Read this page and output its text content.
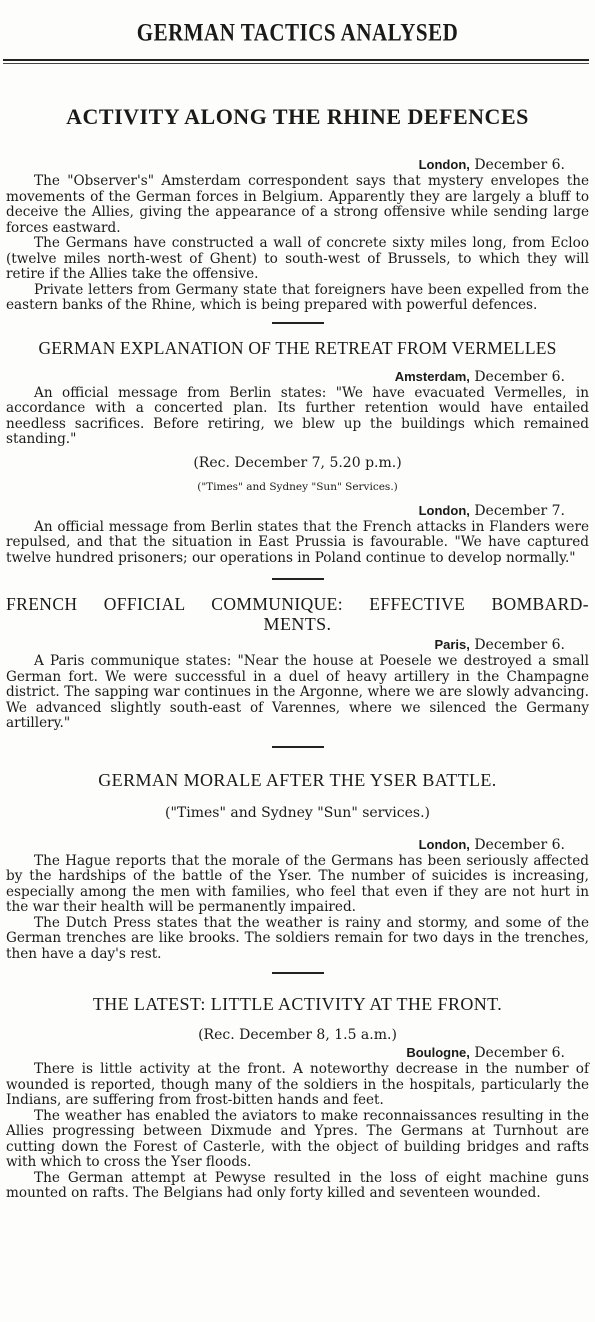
GERMAN TACTICS ANALYSED
ACTIVITY ALONG THE RHINE DEFENCES
London, December 6.

The "Observer's" Amsterdam correspondent says that mystery envelopes the movements of the German forces in Belgium. Apparently they are largely a bluff to deceive the Allies, giving the appearance of a strong offensive while sending large forces eastward.

The Germans have constructed a wall of concrete sixty miles long, from Ecloo (twelve miles north-west of Ghent) to south-west of Brussels, to which they will retire if the Allies take the offensive.

Private letters from Germany state that foreigners have been expelled from the eastern banks of the Rhine, which is being prepared with powerful defences.

GERMAN EXPLANATION OF THE RETREAT FROM VERMELLES
Amsterdam, December 6.

An official message from Berlin states: "We have evacuated Vermelles, in accordance with a concerted plan. Its further retention would have entailed needless sacrifices. Before retiring, we blew up the buildings which remained standing."

(Rec. December 7, 5.20 p.m.)
("Times" and Sydney "Sun" Services.)
London, December 7.

An official message from Berlin states that the French attacks in Flanders were repulsed, and that the situation in East Prussia is favourable. "We have captured twelve hundred prisoners; our operations in Poland continue to develop normally."

FRENCH OFFICIAL COMMUNIQUE: EFFECTIVE BOMBARD-
MENTS.
Paris, December 6.

A Paris communique states: "Near the house at Poesele we destroyed a small German fort. We were successful in a duel of heavy artillery in the Champagne district. The sapping war continues in the Argonne, where we are slowly advancing. We advanced slightly south-east of Varennes, where we silenced the Germany artillery."

GERMAN MORALE AFTER THE YSER BATTLE.
("Times" and Sydney "Sun" services.)
London, December 6.

The Hague reports that the morale of the Germans has been seriously affected by the hardships of the battle of the Yser. The number of suicides is increasing, especially among the men with families, who feel that even if they are not hurt in the war their health will be permanently impaired.

The Dutch Press states that the weather is rainy and stormy, and some of the German trenches are like brooks. The soldiers remain for two days in the trenches, then have a day's rest.

THE LATEST: LITTLE ACTIVITY AT THE FRONT.
(Rec. December 8, 1.5 a.m.)
Boulogne, December 6.

There is little activity at the front. A noteworthy decrease in the number of wounded is reported, though many of the soldiers in the hospitals, particularly the Indians, are suffering from frost-bitten hands and feet.

The weather has enabled the aviators to make reconnaissances resulting in the Allies progressing between Dixmude and Ypres. The Germans at Turnhout are cutting down the Forest of Casterle, with the object of building bridges and rafts with which to cross the Yser floods.

The German attempt at Pewyse resulted in the loss of eight machine guns mounted on rafts. The Belgians had only forty killed and seventeen wounded.
